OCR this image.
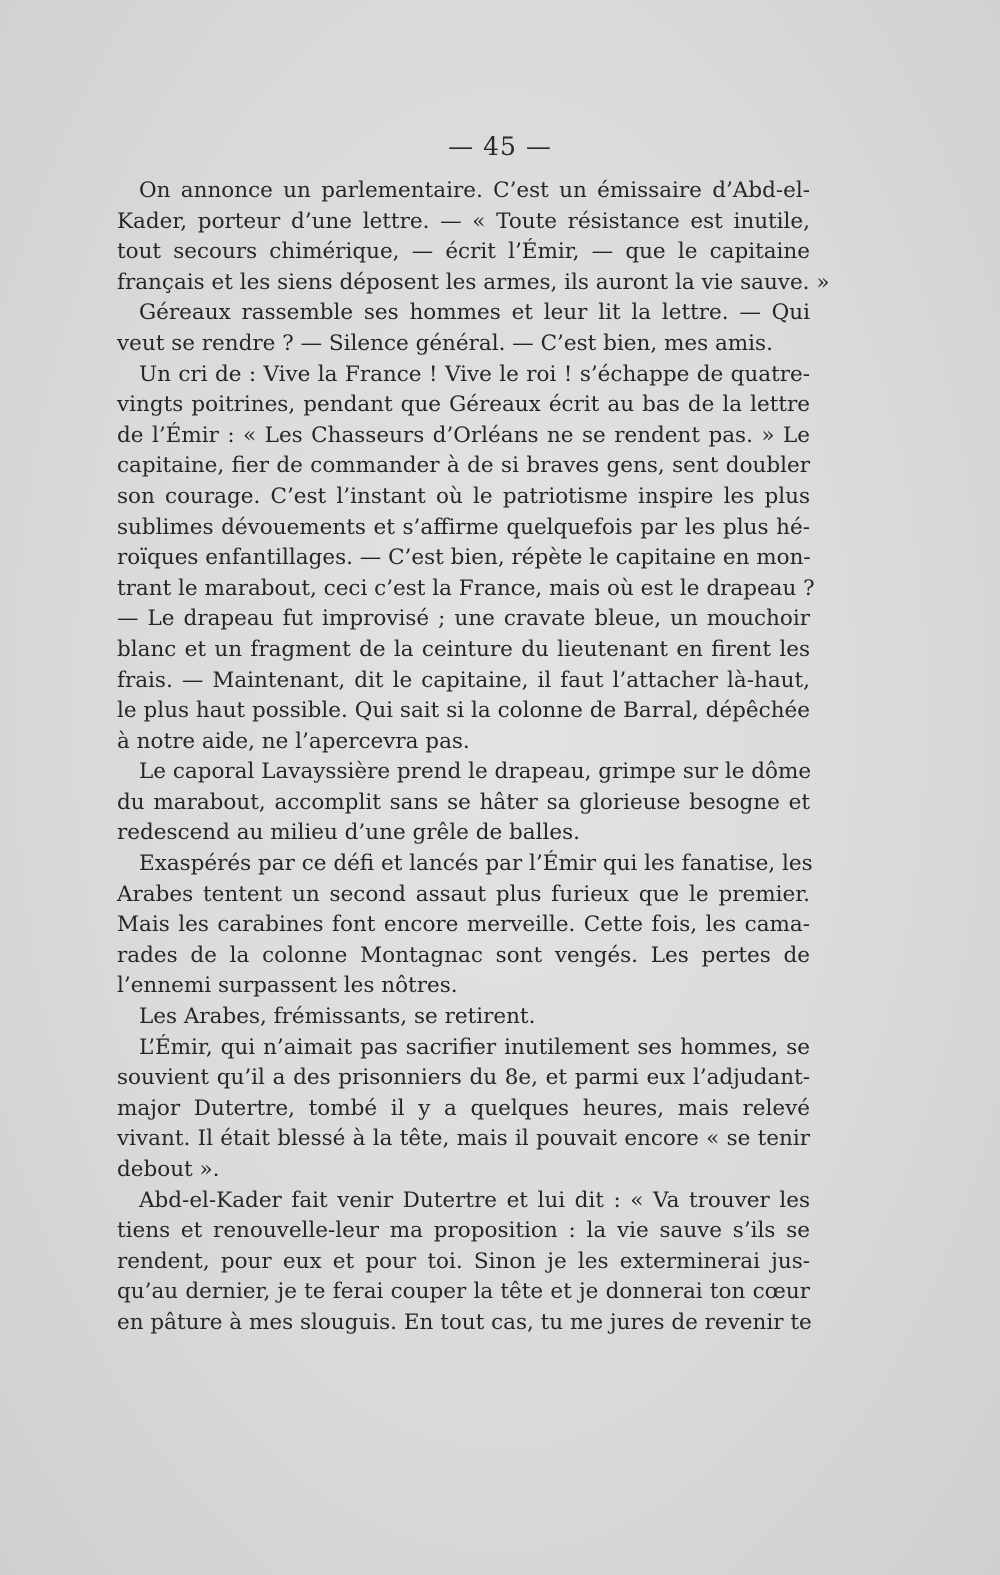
— 45 —
On annonce un parlementaire. C’est un émissaire d’Abd-el-
Kader, porteur d’une lettre. — « Toute résistance est inutile,
tout secours chimérique, — écrit l’Émir, — que le capitaine
français et les siens déposent les armes, ils auront la vie sauve. »
Géreaux rassemble ses hommes et leur lit la lettre. — Qui
veut se rendre ? — Silence général. — C’est bien, mes amis.
Un cri de : Vive la France ! Vive le roi ! s’échappe de quatre-
vingts poitrines, pendant que Géreaux écrit au bas de la lettre
de l’Émir : « Les Chasseurs d’Orléans ne se rendent pas. » Le
capitaine, fier de commander à de si braves gens, sent doubler
son courage. C’est l’instant où le patriotisme inspire les plus
sublimes dévouements et s’affirme quelquefois par les plus hé-
roïques enfantillages. — C’est bien, répète le capitaine en mon-
trant le marabout, ceci c’est la France, mais où est le drapeau ?
— Le drapeau fut improvisé ; une cravate bleue, un mouchoir
blanc et un fragment de la ceinture du lieutenant en firent les
frais. — Maintenant, dit le capitaine, il faut l’attacher là-haut,
le plus haut possible. Qui sait si la colonne de Barral, dépêchée
à notre aide, ne l’apercevra pas.
Le caporal Lavayssière prend le drapeau, grimpe sur le dôme
du marabout, accomplit sans se hâter sa glorieuse besogne et
redescend au milieu d’une grêle de balles.
Exaspérés par ce défi et lancés par l’Émir qui les fanatise, les
Arabes tentent un second assaut plus furieux que le premier.
Mais les carabines font encore merveille. Cette fois, les cama-
rades de la colonne Montagnac sont vengés. Les pertes de
l’ennemi surpassent les nôtres.
Les Arabes, frémissants, se retirent.
L’Émir, qui n’aimait pas sacrifier inutilement ses hommes, se
souvient qu’il a des prisonniers du 8e, et parmi eux l’adjudant-
major Dutertre, tombé il y a quelques heures, mais relevé
vivant. Il était blessé à la tête, mais il pouvait encore « se tenir
debout ».
Abd-el-Kader fait venir Dutertre et lui dit : « Va trouver les
tiens et renouvelle-leur ma proposition : la vie sauve s’ils se
rendent, pour eux et pour toi. Sinon je les exterminerai jus-
qu’au dernier, je te ferai couper la tête et je donnerai ton cœur
en pâture à mes slouguis. En tout cas, tu me jures de revenir te
